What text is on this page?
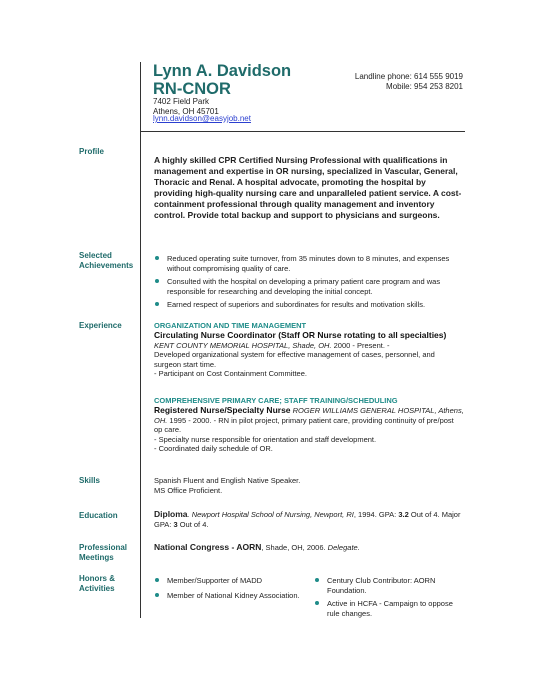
Lynn A. Davidson
RN-CNOR
7402 Field Park
Athens, OH 45701
lynn.davidson@easyjob.net
Landline phone: 614 555 9019
Mobile: 954 253 8201
Profile
A highly skilled CPR Certified Nursing Professional with qualifications in management and expertise in OR nursing, specialized in Vascular, General, Thoracic and Renal. A hospital advocate, promoting the hospital by providing high-quality nursing care and unparalleled patient service. A cost-containment professional through quality management and inventory control. Provide total backup and support to physicians and surgeons.
Selected
Achievements
Reduced operating suite turnover, from 35 minutes down to 8 minutes, and expenses without compromising quality of care.
Consulted with the hospital on developing a primary patient care program and was responsible for researching and developing the initial concept.
Earned respect of superiors and subordinates for results and motivation skills.
Experience	ORGANIZATION AND TIME MANAGEMENT
Circulating Nurse Coordinator (Staff OR Nurse rotating to all specialties)
KENT COUNTY MEMORIAL HOSPITAL, Shade, OH. 2000 - Present. -
Developed organizational system for effective management of cases, personnel, and surgeon start time.
- Participant on Cost Containment Committee.
COMPREHENSIVE PRIMARY CARE; STAFF TRAINING/SCHEDULING
Registered Nurse/Specialty Nurse ROGER WILLIAMS GENERAL HOSPITAL, Athens, OH. 1995 - 2000. - RN in pilot project, primary patient care, providing continuity of pre/post op care.
- Specialty nurse responsible for orientation and staff development.
- Coordinated daily schedule of OR.
Skills	Spanish Fluent and English Native Speaker.
MS Office Proficient.
Education	Diploma. Newport Hospital School of Nursing, Newport, RI, 1994. GPA: 3.2 Out of 4. Major GPA: 3 Out of 4.
Professional
Meetings
National Congress - AORN, Shade, OH, 2006. Delegate.
Honors &
Activities
Member/Supporter of MADD
Member of National Kidney Association.
Century Club Contributor: AORN Foundation.
Active in HCFA - Campaign to oppose rule changes.
